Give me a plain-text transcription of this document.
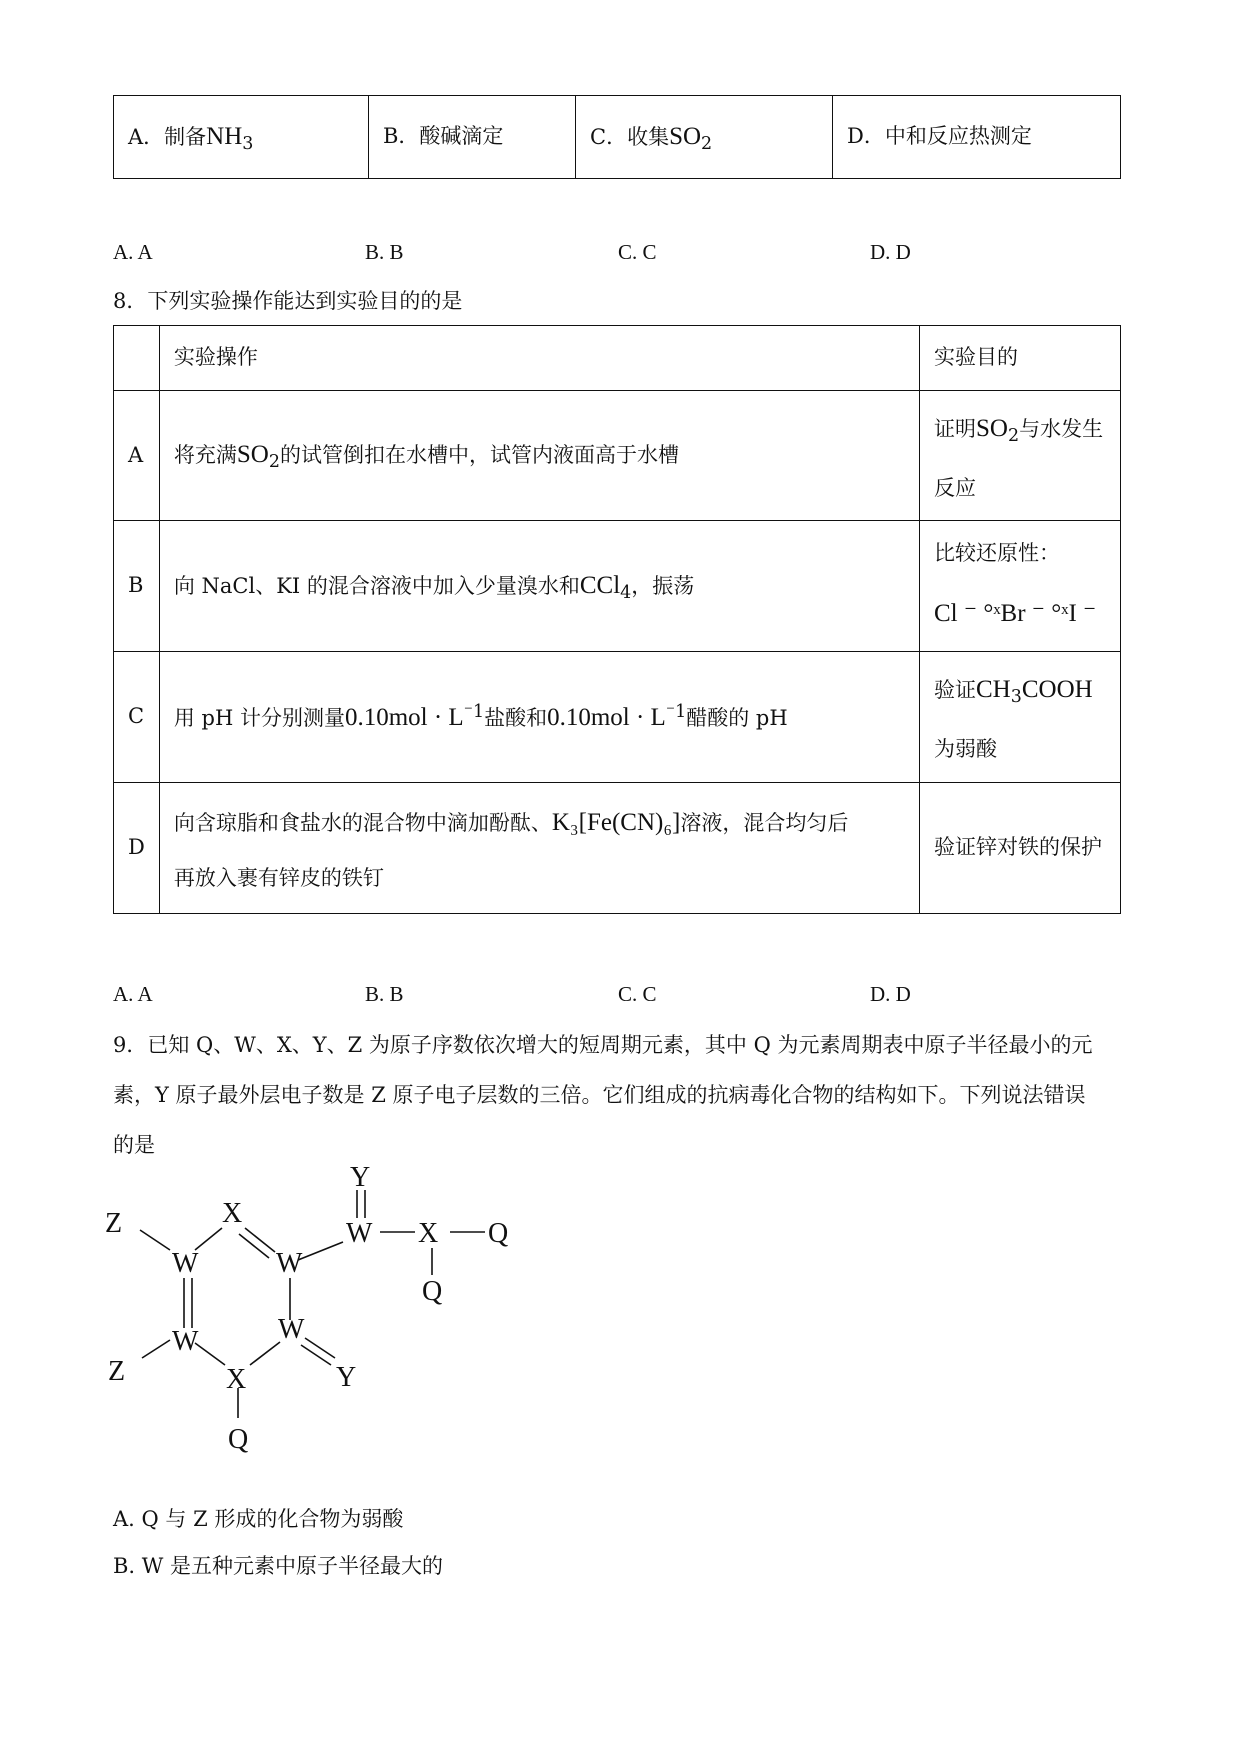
A．制备$NH_3$	B．酸碱滴定	C．收集$SO_2$	D．中和反应热测定
A. A	B. B	C. C	D. D
8．下列实验操作能达到实验目的的是
	实验操作	实验目的
A	将充满$SO_2$的试管倒扣在水槽中，试管内液面高于水槽	证明$SO_2$与水发生
反应

B	向 NaCl、KI 的混合溶液中加入少量溴水和CCl$_4$，振荡	比较还原性：
Cl ⁻ °ˣBr ⁻ °ˣI ⁻

C	用 pH 计分别测量$0.10mol \cdot L^{^-1}$盐酸和$0.10mol \cdot L^{^-1}$醋酸的 pH	验证$CH_3COOH$
为弱酸

D	向含琼脂和食盐水的混合物中滴加酚酞、K₃[Fe(CN)₆]溶液，混合均匀后
再放入裹有锌皮的铁钉	验证锌对铁的保护
A. A	B. B	C. C	D. D
9．已知 Q、W、X、Y、Z 为原子序数依次增大的短周期元素，其中 Q 为元素周期表中原子半径最小的元
素，Y 原子最外层电子数是 Z 原子电子层数的三倍。它们组成的抗病毒化合物的结构如下。下列说法错误
的是
Z
W
X
W
Y
W X Q
Q
W	W
Z	X	Y
Q
A. Q 与 Z 形成的化合物为弱酸
B. W 是五种元素中原子半径最大的
